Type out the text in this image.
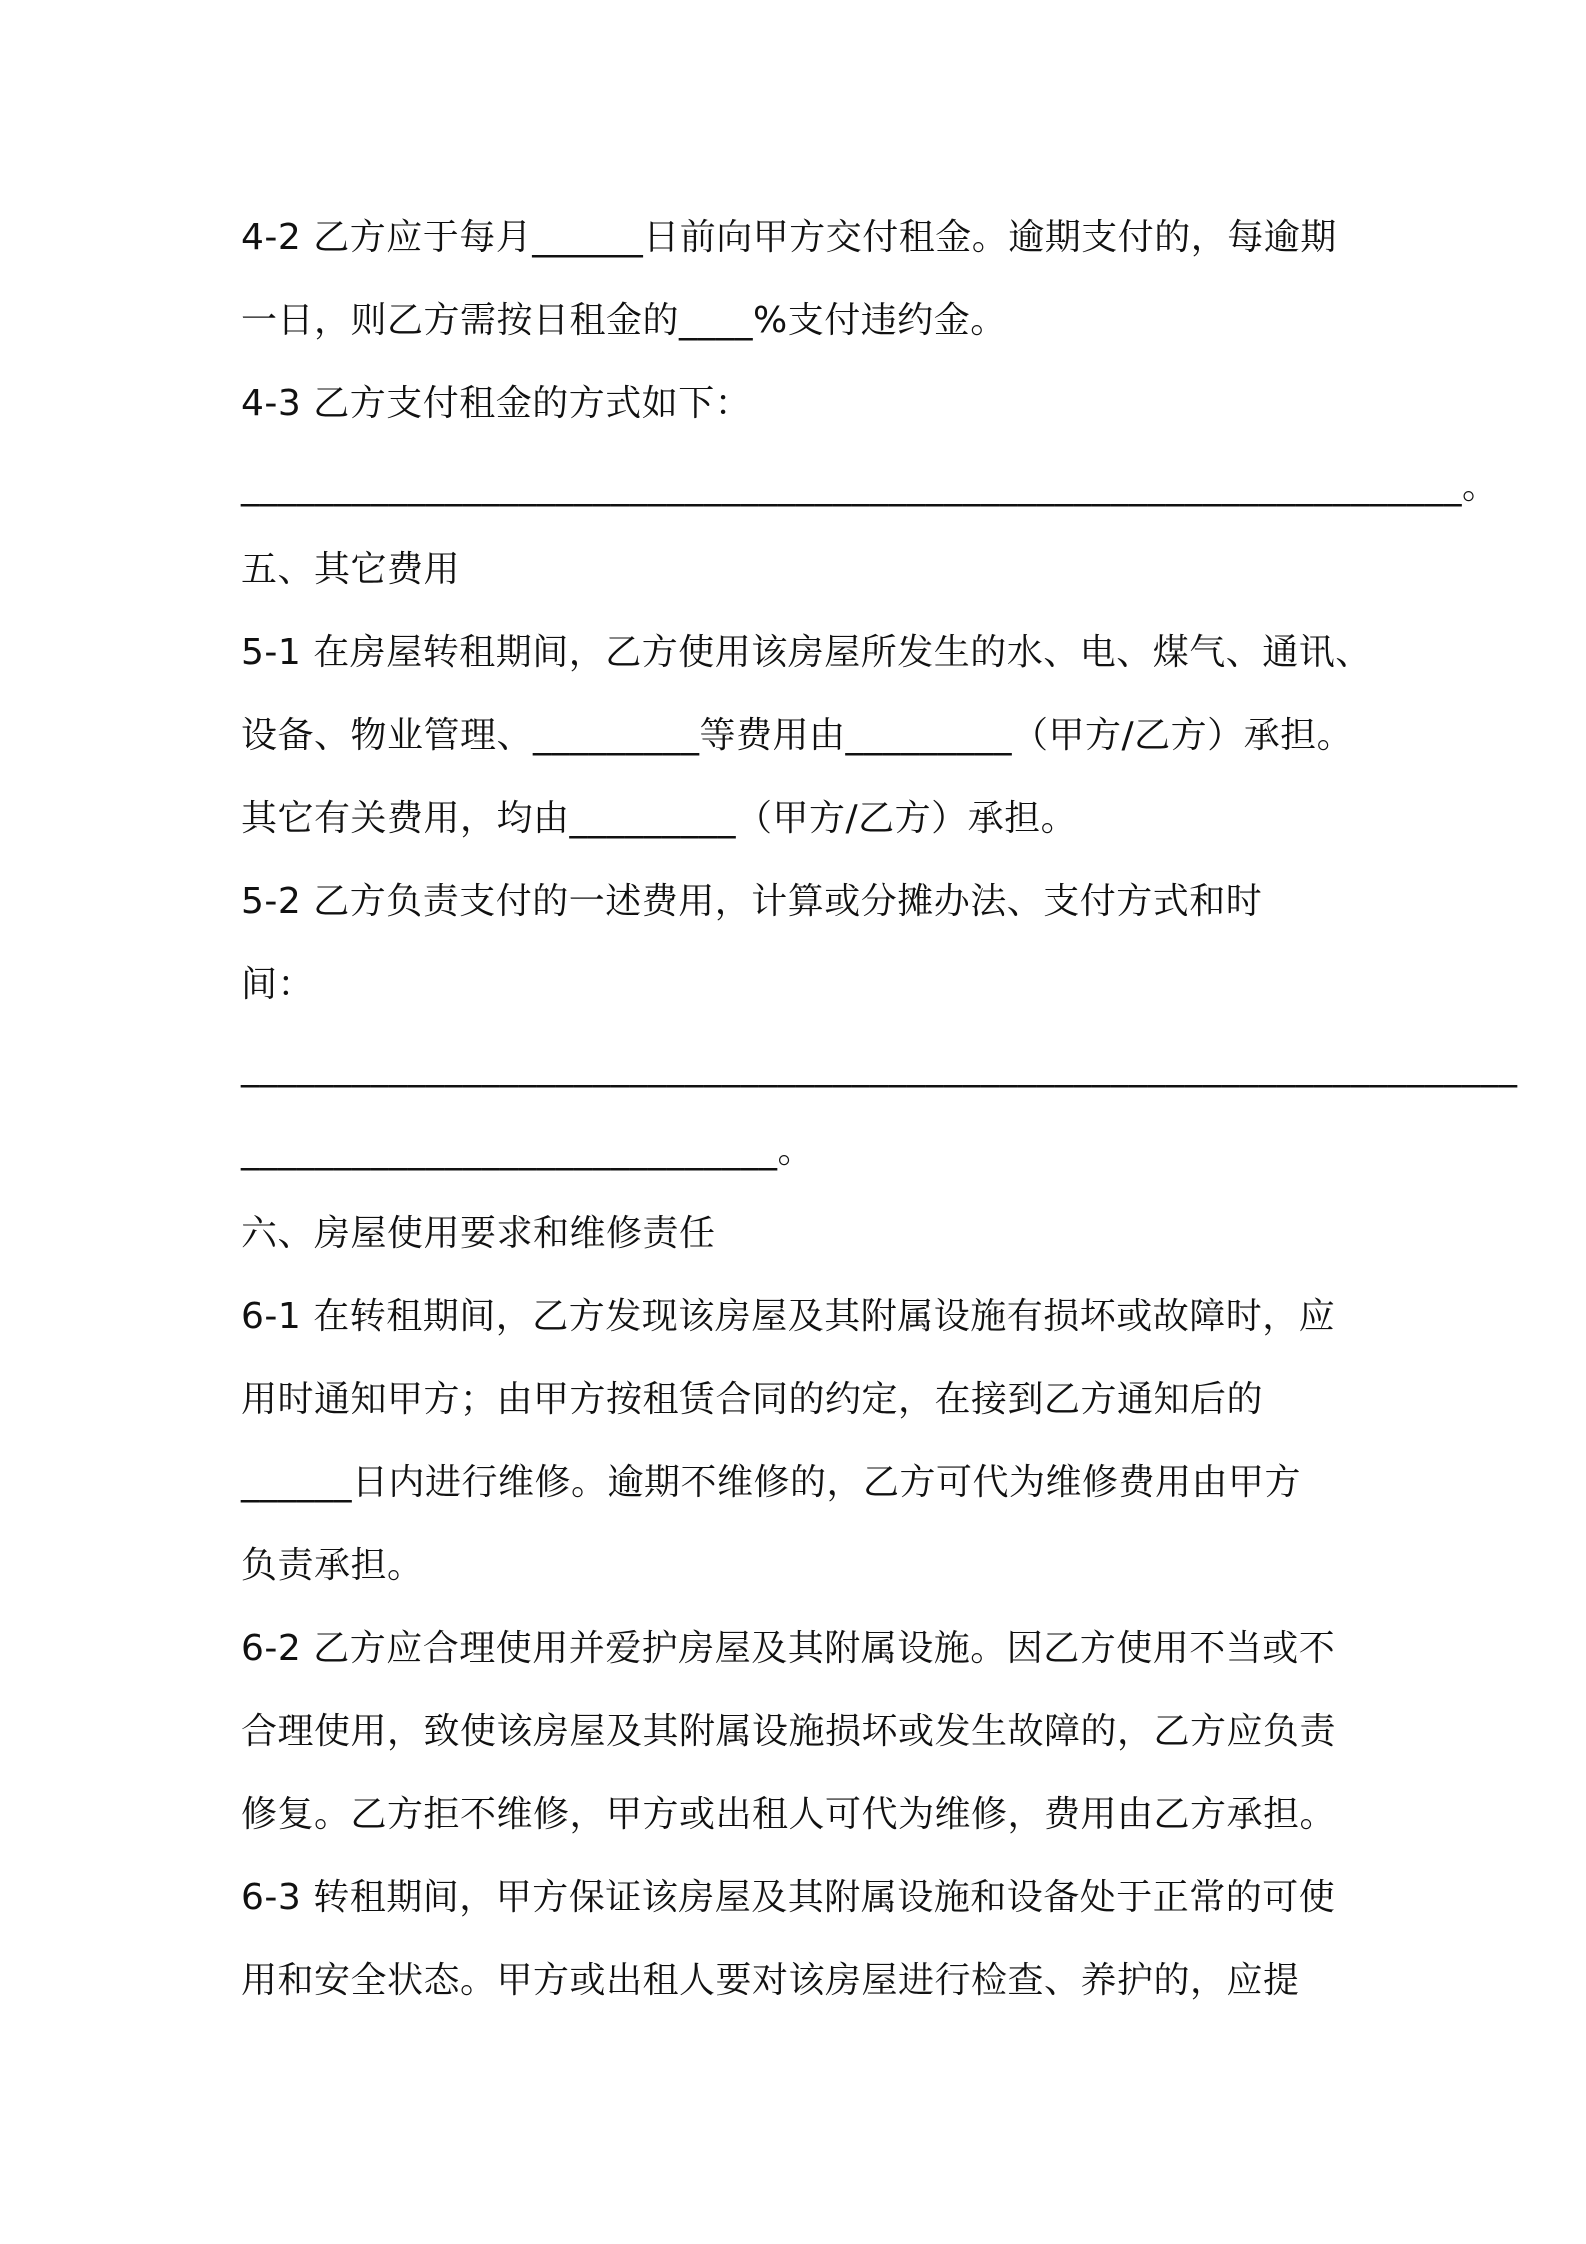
4-2 乙方应于每月______日前向甲方交付租金。逾期支付的，每逾期
一日，则乙方需按日租金的____%支付违约金。
4-3 乙方支付租金的方式如下：
__________________________________________________________________。
五、其它费用
5-1 在房屋转租期间，乙方使用该房屋所发生的水、电、煤气、通讯、
设备、物业管理、_________等费用由_________（甲方/乙方）承担。
其它有关费用，均由_________（甲方/乙方）承担。
5-2 乙方负责支付的一述费用，计算或分摊办法、支付方式和时
间：
_____________________________________________________________________
_____________________________。
六、房屋使用要求和维修责任
6-1 在转租期间，乙方发现该房屋及其附属设施有损坏或故障时，应
用时通知甲方；由甲方按租赁合同的约定，在接到乙方通知后的
______日内进行维修。逾期不维修的，乙方可代为维修费用由甲方
负责承担。
6-2 乙方应合理使用并爱护房屋及其附属设施。因乙方使用不当或不
合理使用，致使该房屋及其附属设施损坏或发生故障的，乙方应负责
修复。乙方拒不维修，甲方或出租人可代为维修，费用由乙方承担。
6-3 转租期间，甲方保证该房屋及其附属设施和设备处于正常的可使
用和安全状态。甲方或出租人要对该房屋进行检查、养护的，应提
